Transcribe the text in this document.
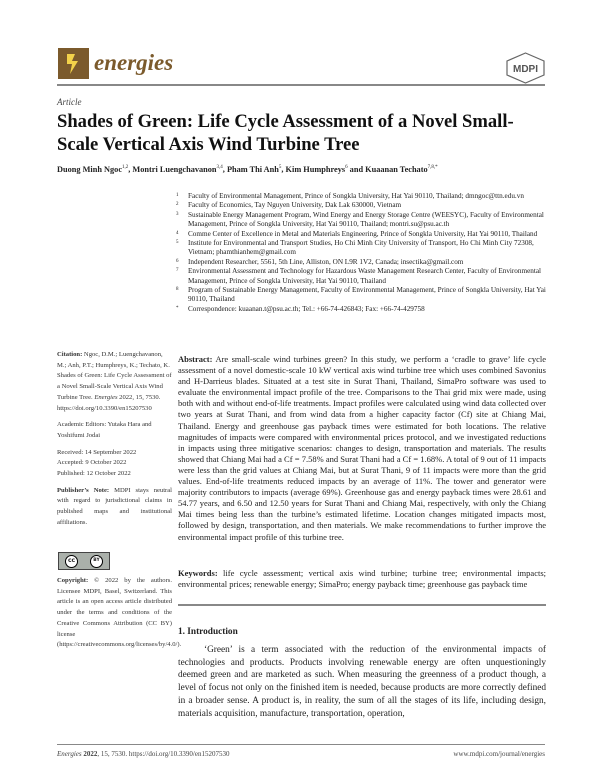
energies	MDPI
Article
Shades of Green: Life Cycle Assessment of a Novel Small-Scale Vertical Axis Wind Turbine Tree
Duong Minh Ngoc$^{1,2}$, Montri Luengchavanon$^{3,4}$, Pham Thi Anh$^5$, Kim Humphreys$^6$ and Kuaanan Techato$^{7,8,*}$
1 Faculty of Environmental Management, Prince of Songkla University, Hat Yai 90110, Thailand; dmngoc@ttn.edu.vn
2 Faculty of Economics, Tay Nguyen University, Dak Lak 630000, Vietnam
3 Sustainable Energy Management Program, Wind Energy and Energy Storage Centre (WEESYC), Faculty of Environmental Management, Prince of Songkla University, Hat Yai 90110, Thailand; montri.su@psu.ac.th
4 Comme Center of Excellence in Metal and Materials Engineering, Prince of Songkla University, Hat Yai 90110, Thailand
5 Institute for Environmental and Transport Studies, Ho Chi Minh City University of Transport, Ho Chi Minh City 72308, Vietnam; phamthianhem@gmail.com
6 Independent Researcher, 5561, 5th Line, Alliston, ON L9R 1V2, Canada; insectika@gmail.com
7 Environmental Assessment and Technology for Hazardous Waste Management Research Center, Faculty of Environmental Management, Prince of Songkla University, Hat Yai 90110, Thailand
8 Program of Sustainable Energy Management, Faculty of Environmental Management, Prince of Songkla University, Hat Yai 90110, Thailand
* Correspondence: kuaanan.t@psu.ac.th; Tel.: +66-74-426843; Fax: +66-74-429758

Citation: Ngoc, D.M.; Luengchavanon, M.; Anh, P.T.; Humphreys, K.; Techato, K. Shades of Green: Life Cycle Assessment of a Novel Small-Scale Vertical Axis Wind Turbine Tree. Energies 2022, 15, 7530. https://doi.org/10.3390/en15207530

Academic Editors: Yutaka Hara and Yoshifumi Jodai

Received: 14 September 2022
Accepted: 9 October 2022

Published: 12 October 2022

Publisher’s Note: MDPI stays neutral with regard to jurisdictional claims in published maps and institutional affiliations.

cc	BY
Copyright: © 2022 by the authors. Licensee MDPI, Basel, Switzerland. This article is an open access article distributed under the terms and conditions of the Creative Commons Attribution (CC BY) license (https://creativecommons.org/licenses/by/4.0/).
Abstract: Are small-scale wind turbines green? In this study, we perform a ‘cradle to grave’ life cycle assessment of a novel domestic-scale 10 kW vertical axis wind turbine tree which uses combined Savonius and H-Darrieus blades. Situated at a test site in Surat Thani, Thailand, SimaPro software was used to evaluate the environmental impact profile of the tree. Comparisons to the Thai grid mix were made, using both with and without end-of-life treatments. Impact profiles were calculated using wind data collected over two years at Surat Thani, and from wind data from a higher capacity factor (Cf) site at Chiang Mai, Thailand. Energy and greenhouse gas payback times were estimated for both locations. The relative magnitudes of impacts were compared with environmental prices protocol, and we investigated reductions in impacts using three mitigative scenarios: changes to design, transportation and materials. The results showed that Chiang Mai had a Cf = 7.58% and Surat Thani had a Cf = 1.68%. A total of 9 out of 11 impacts were less than the grid values at Chiang Mai, but at Surat Thani, 9 of 11 impacts were more than the grid values. End-of-life treatments reduced impacts by an average of 11%. The tower and generator were majority contributors to impacts (average 69%). Greenhouse gas and energy payback times were 28.61 and 54.77 years, and 6.50 and 12.50 years for Surat Thani and Chiang Mai, respectively, with only the Chiang Mai times being less than the turbine’s estimated lifetime. Location changes mitigated impacts most, followed by design, transportation, and then materials. We make recommendations to further improve the environmental impact profile of this turbine tree.
Keywords: life cycle assessment; vertical axis wind turbine; turbine tree; environmental impacts; environmental prices; renewable energy; SimaPro; energy payback time; greenhouse gas payback time
1. Introduction
‘Green’ is a term associated with the reduction of the environmental impacts of technologies and products. Products involving renewable energy are often unquestioningly deemed green and are marketed as such. When measuring the greenness of a product though, a level of focus not only on the finished item is needed, because products are more correctly defined in a broader sense. A product is, in reality, the sum of all the stages of its life, including design, materials acquisition, manufacture, transportation, operation,
Energies 2022, 15, 7530. https://doi.org/10.3390/en15207530	www.mdpi.com/journal/energies
